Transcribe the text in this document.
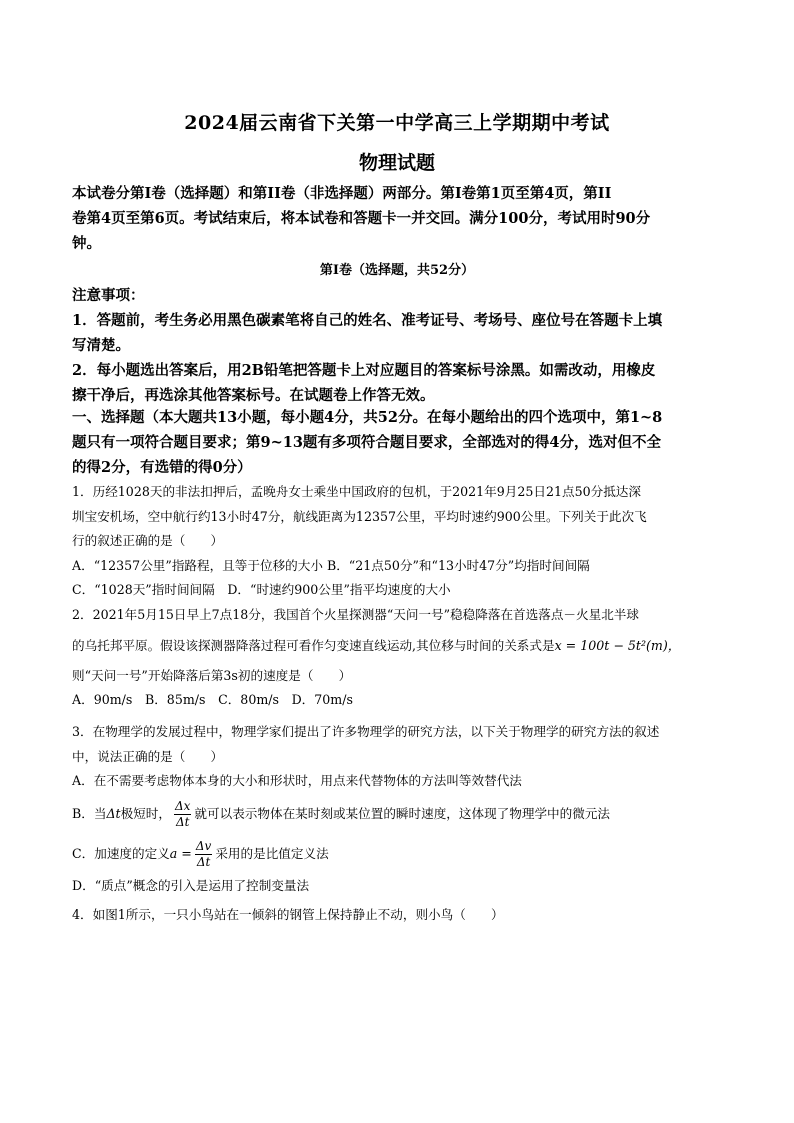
2024届云南省下关第一中学高三上学期期中考试
物理试题
本试卷分第Ⅰ卷（选择题）和第II卷（非选择题）两部分。第Ⅰ卷第1页至第4页，第II
卷第4页至第6页。考试结束后，将本试卷和答题卡一并交回。满分100分，考试用时90分
钟。
第Ⅰ卷（选择题，共52分）
注意事项：
1．答题前，考生务必用黑色碳素笔将自己的姓名、准考证号、考场号、座位号在答题卡上填
写清楚。
2．每小题选出答案后，用2B铅笔把答题卡上对应题目的答案标号涂黑。如需改动，用橡皮
擦干净后，再选涂其他答案标号。在试题卷上作答无效。
一、选择题（本大题共13小题，每小题4分，共52分。在每小题给出的四个选项中，第1~8
题只有一项符合题目要求；第9~13题有多项符合题目要求，全部选对的得4分，选对但不全
的得2分，有选错的得0分）
1．历经1028天的非法扣押后，孟晚舟女士乘坐中国政府的包机，于2021年9月25日21点50分抵达深
圳宝安机场，空中航行约13小时47分，航线距离为12357公里，平均时速约900公里。下列关于此次飞
行的叙述正确的是（　　）
A．“12357公里”指路程，且等于位移的大小 B．“21点50分”和“13小时47分”均指时间间隔
C．“1028天”指时间间隔　D．“时速约900公里”指平均速度的大小
2．2021年5月15日早上7点18分，我国首个火星探测器“天问一号”稳稳降落在首选落点－火星北半球
的乌托邦平原。假设该探测器降落过程可看作匀变速直线运动,其位移与时间的关系式是x = 100t − 5t²(m)，
则“天问一号”开始降落后第3s初的速度是（　　）
A．90m/s　B．85m/s　C．80m/s　D．70m/s
3．在物理学的发展过程中，物理学家们提出了许多物理学的研究方法，以下关于物理学的研究方法的叙述
中，说法正确的是（　　）
A．在不需要考虑物体本身的大小和形状时，用点来代替物体的方法叫等效替代法
B．当Δt极短时， $\frac{\Delta x}{\Delta t}$ 就可以表示物体在某时刻或某位置的瞬时速度，这体现了物理学中的微元法
C．加速度的定义$a = \frac{\Delta v}{\Delta t}$ 采用的是比值定义法
D．“质点”概念的引入是运用了控制变量法
4．如图1所示，一只小鸟站在一倾斜的钢管上保持静止不动，则小鸟（　　）
